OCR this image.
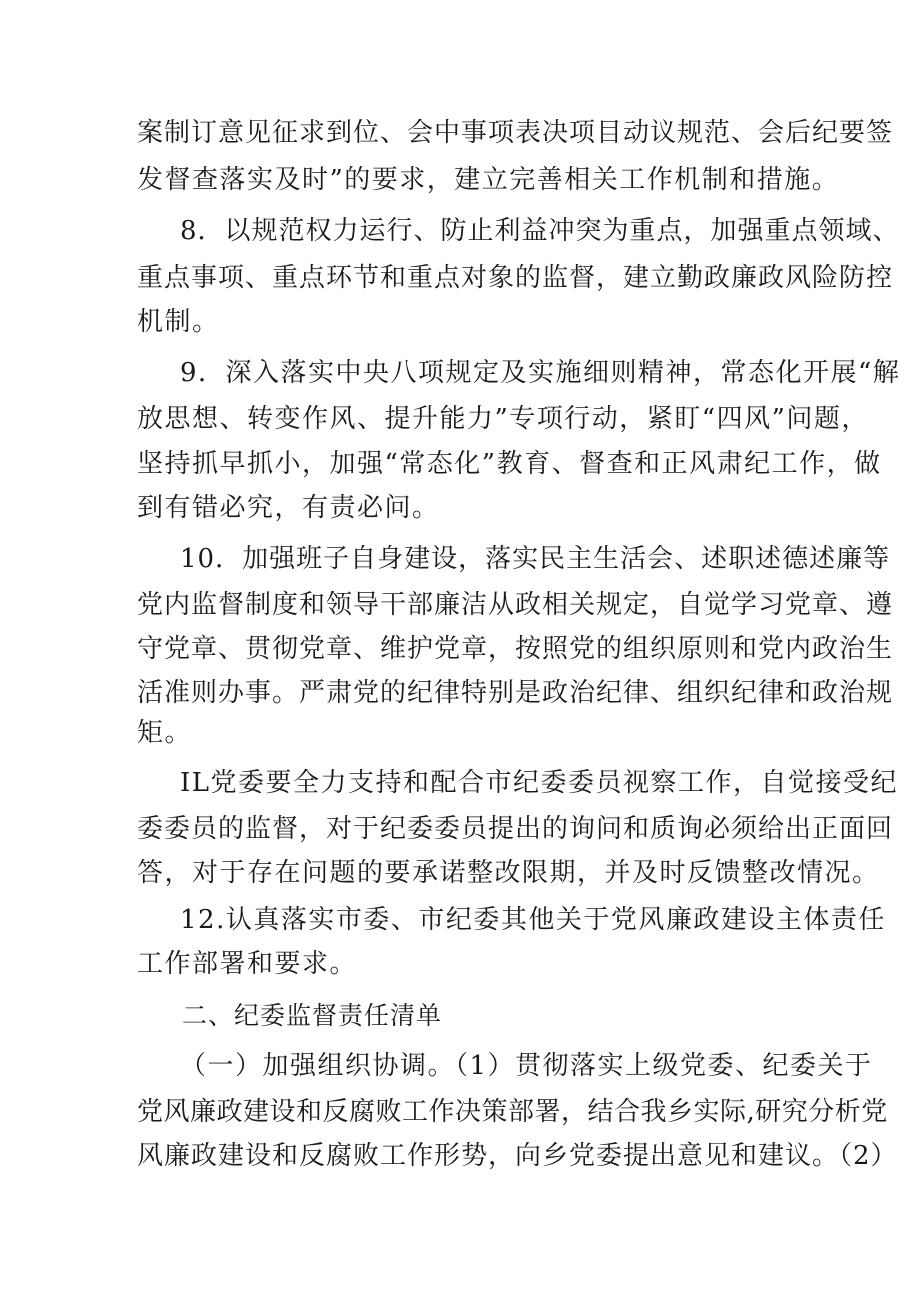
案制订意见征求到位、会中事项表决项目动议规范、会后纪要签
发督查落实及时”的要求，建立完善相关工作机制和措施。
8．以规范权力运行、防止利益冲突为重点，加强重点领域、
重点事项、重点环节和重点对象的监督，建立勤政廉政风险防控
机制。
9．深入落实中央八项规定及实施细则精神，常态化开展“解
放思想、转变作风、提升能力”专项行动，紧盯“四风”问题，
坚持抓早抓小，加强“常态化”教育、督查和正风肃纪工作，做
到有错必究，有责必问。
10．加强班子自身建设，落实民主生活会、述职述德述廉等
党内监督制度和领导干部廉洁从政相关规定，自觉学习党章、遵
守党章、贯彻党章、维护党章，按照党的组织原则和党内政治生
活准则办事。严肃党的纪律特别是政治纪律、组织纪律和政治规
矩。
IL党委要全力支持和配合市纪委委员视察工作，自觉接受纪
委委员的监督，对于纪委委员提出的询问和质询必须给出正面回
答，对于存在问题的要承诺整改限期，并及时反馈整改情况。
12.认真落实市委、市纪委其他关于党风廉政建设主体责任
工作部署和要求。
二、纪委监督责任清单
（一）加强组织协调。（1）贯彻落实上级党委、纪委关于
党风廉政建设和反腐败工作决策部署，结合我乡实际,研究分析党
风廉政建设和反腐败工作形势，向乡党委提出意见和建议。（2）
